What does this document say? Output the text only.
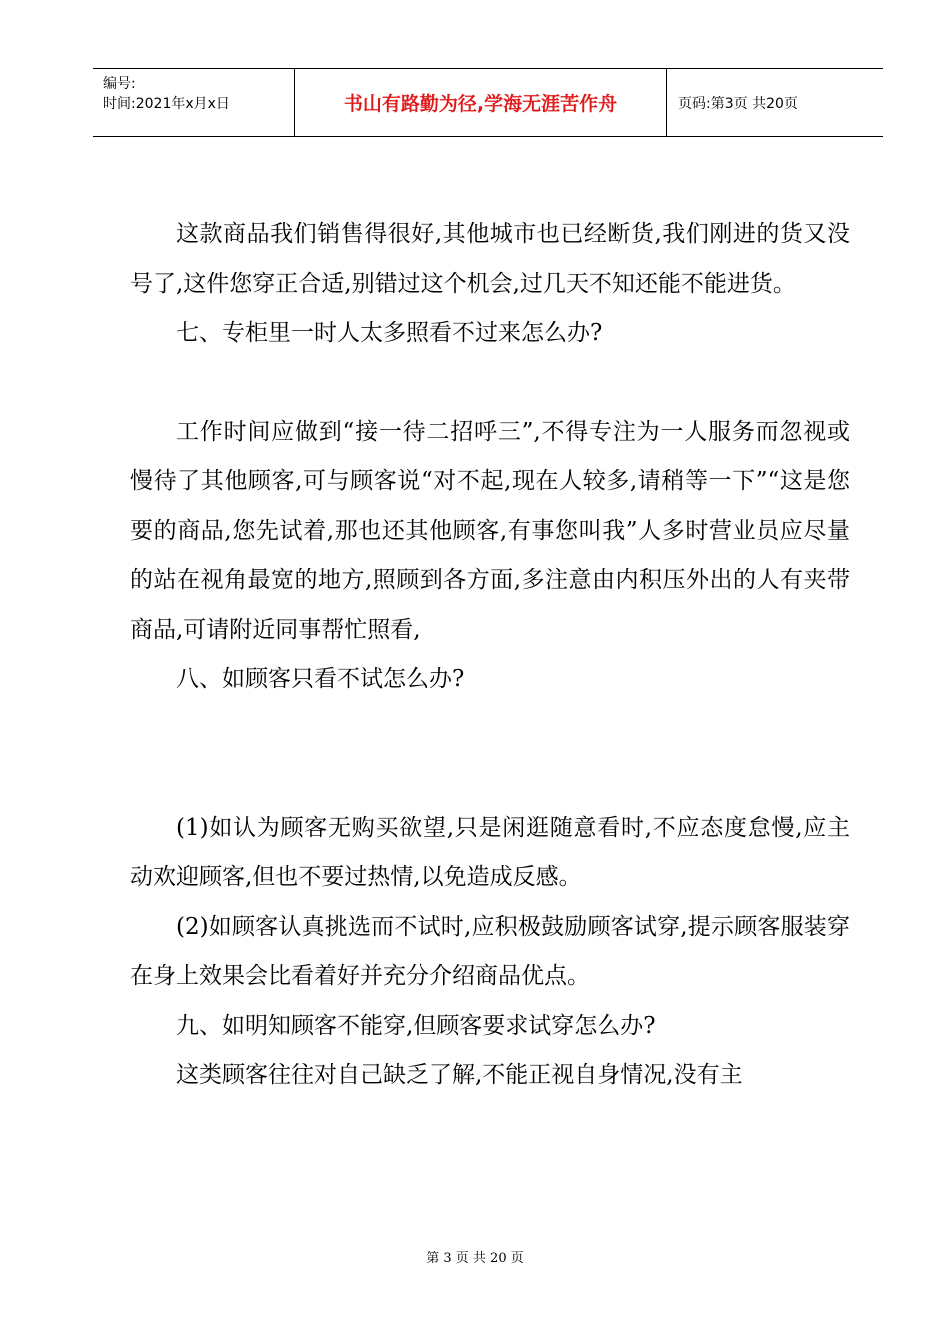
编号:
时间:2021年x月x日	书山有路勤为径,学海无涯苦作舟	页码:第3页 共20页

这款商品我们销售得很好,其他城市也已经断货,我们刚进的货又没号了,这件您穿正合适,别错过这个机会,过几天不知还能不能进货。

七、专柜里一时人太多照看不过来怎么办?

工作时间应做到“接一待二招呼三”,不得专注为一人服务而忽视或慢待了其他顾客,可与顾客说“对不起,现在人较多,请稍等一下”“这是您要的商品,您先试着,那也还其他顾客,有事您叫我”人多时营业员应尽量的站在视角最宽的地方,照顾到各方面,多注意由内积压外出的人有夹带商品,可请附近同事帮忙照看,

八、如顾客只看不试怎么办?

(1)如认为顾客无购买欲望,只是闲逛随意看时,不应态度怠慢,应主动欢迎顾客,但也不要过热情,以免造成反感。

(2)如顾客认真挑选而不试时,应积极鼓励顾客试穿,提示顾客服装穿在身上效果会比看着好并充分介绍商品优点。

九、如明知顾客不能穿,但顾客要求试穿怎么办?

这类顾客往往对自己缺乏了解,不能正视自身情况,没有主

第 3 页 共 20 页
